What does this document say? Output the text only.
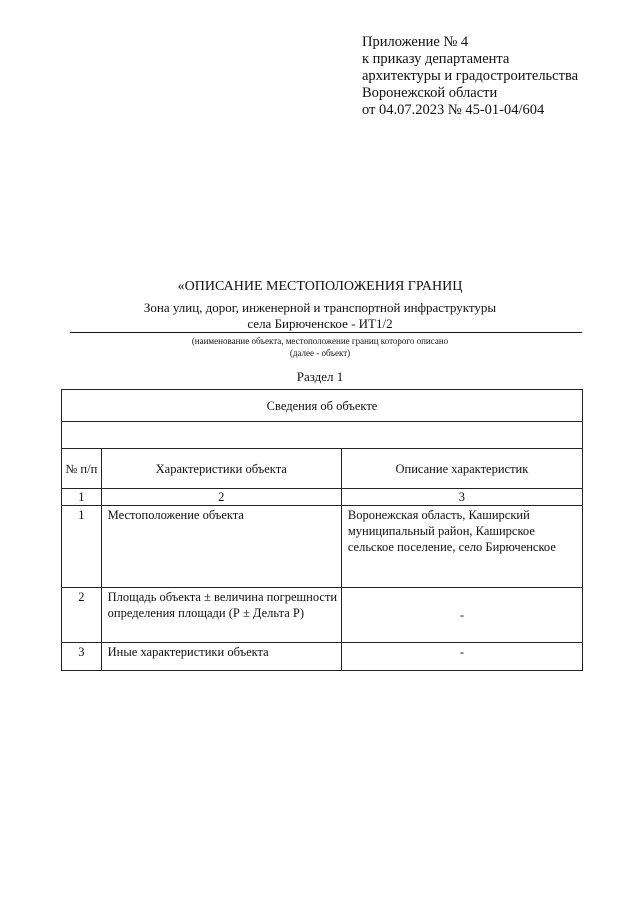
Приложение № 4
к приказу департамента
архитектуры и градостроительства
Воронежской области
от 04.07.2023 № 45-01-04/604
«ОПИСАНИЕ МЕСТОПОЛОЖЕНИЯ ГРАНИЦ
Зона улиц, дорог, инженерной и транспортной инфраструктуры
села Бирюченское - ИТ1/2
(наименование объекта, местоположение границ которого описано
(далее - объект)
Раздел 1
Сведения об объекте		

№ п/п	Характеристики объекта	Описание характеристик
1	2	3
1	Местоположение объекта	Воронежская область, Каширский муниципальный район, Каширское сельское поселение, село Бирюченское
2	Площадь объекта ± величина погрешности определения площади (Р ± Дельта Р)	-
3	Иные характеристики объекта	-
